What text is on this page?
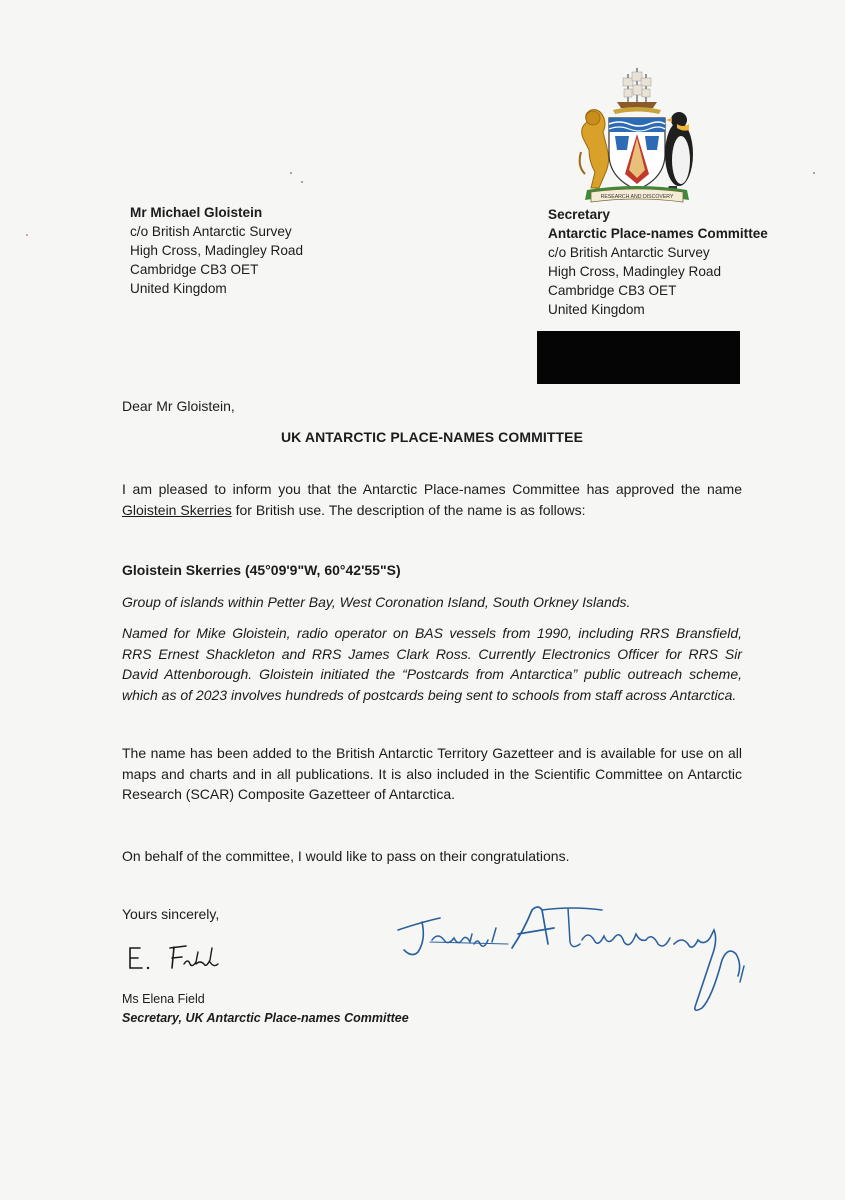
RESEARCH AND DISCOVERY
Mr Michael Gloistein
c/o British Antarctic Survey
High Cross, Madingley Road
Cambridge CB3 OET
United Kingdom
Secretary
Antarctic Place-names Committee
c/o British Antarctic Survey
High Cross, Madingley Road
Cambridge CB3 OET
United Kingdom
Dear Mr Gloistein,
UK ANTARCTIC PLACE-NAMES COMMITTEE
I am pleased to inform you that the Antarctic Place-names Committee has approved the name Gloistein Skerries for British use. The description of the name is as follows:
Gloistein Skerries (45°09'9"W, 60°42'55"S)
Group of islands within Petter Bay, West Coronation Island, South Orkney Islands.
Named for Mike Gloistein, radio operator on BAS vessels from 1990, including RRS Bransfield, RRS Ernest Shackleton and RRS James Clark Ross. Currently Electronics Officer for RRS Sir David Attenborough. Gloistein initiated the “Postcards from Antarctica” public outreach scheme, which as of 2023 involves hundreds of postcards being sent to schools from staff across Antarctica.
The name has been added to the British Antarctic Territory Gazetteer and is available for use on all maps and charts and in all publications. It is also included in the Scientific Committee on Antarctic Research (SCAR) Composite Gazetteer of Antarctica.
On behalf of the committee, I would like to pass on their congratulations.
Yours sincerely,
Ms Elena Field
Secretary, UK Antarctic Place-names Committee
